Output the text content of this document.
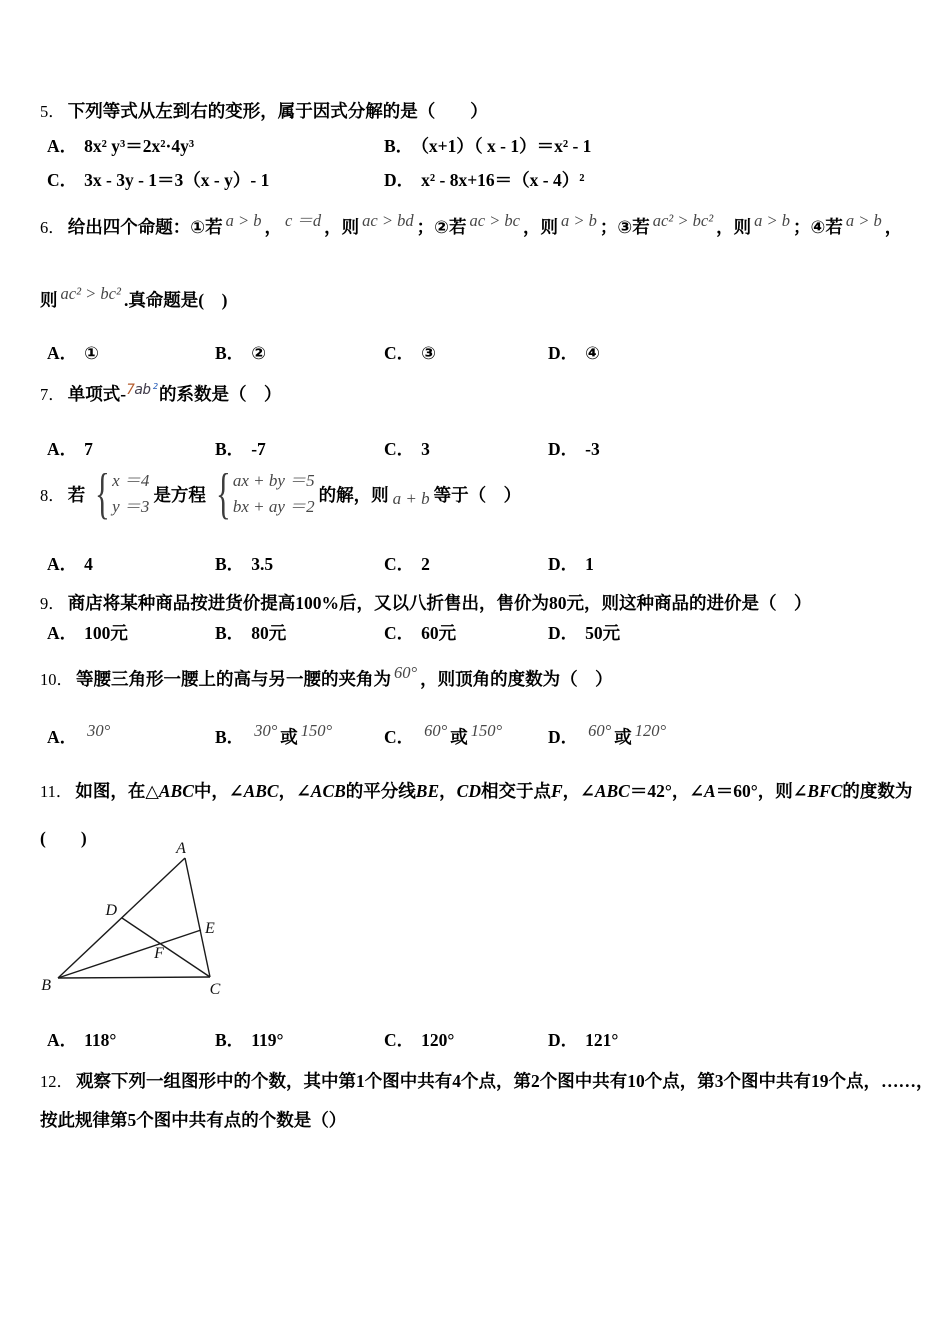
5． 下列等式从左到右的变形，属于因式分解的是（　　）
A． 8x² y³＝2x²·4y³	B． （x+1）（ x - 1）＝x² - 1
C． 3x - 3y - 1＝3（x - y）- 1	D． x² - 8x+16＝（x - 4）²
6． 给出四个命题：①若 a > b ， c ＝d ，则 ac > bd ；②若 ac > bc ，则 a > b ；③若 ac² > bc² ，则 a > b ；④若 a > b ，
则 ac² > bc² .真命题是(　)
A． ①	B． ②	C． ③	D． ④
7． 单项式-$^{7ab^2}$的系数是（　）
A． 7	B． -7	C． 3	D． -3
8． 若 { x ＝4
y ＝3
是方程 { ax + by ＝5
bx + ay ＝2
的解，则 a + b 等于（　）
A． 4	B． 3.5	C． 2	D． 1
9． 商店将某种商品按进货价提高100%后，又以八折售出，售价为80元，则这种商品的进价是（　）
A． 100元	B． 80元	C． 60元	D． 50元
10． 等腰三角形一腰上的高与另一腰的夹角为 60° ，则顶角的度数为（　）
A． 30°	B． 30° 或 150°	C． 60° 或 150°	D． 60° 或 120°
11． 如图，在△ABC中，∠ABC，∠ACB的平分线BE，CD相交于点F，∠ABC＝42°，∠A＝60°，则∠BFC的度数为(　　)
A
B	C
D
E
F
A． 118°	B． 119°	C． 120°	D． 121°
12． 观察下列一组图形中的个数，其中第1个图中共有4个点，第2个图中共有10个点，第3个图中共有19个点，……，按此规律第5个图中共有点的个数是（）
